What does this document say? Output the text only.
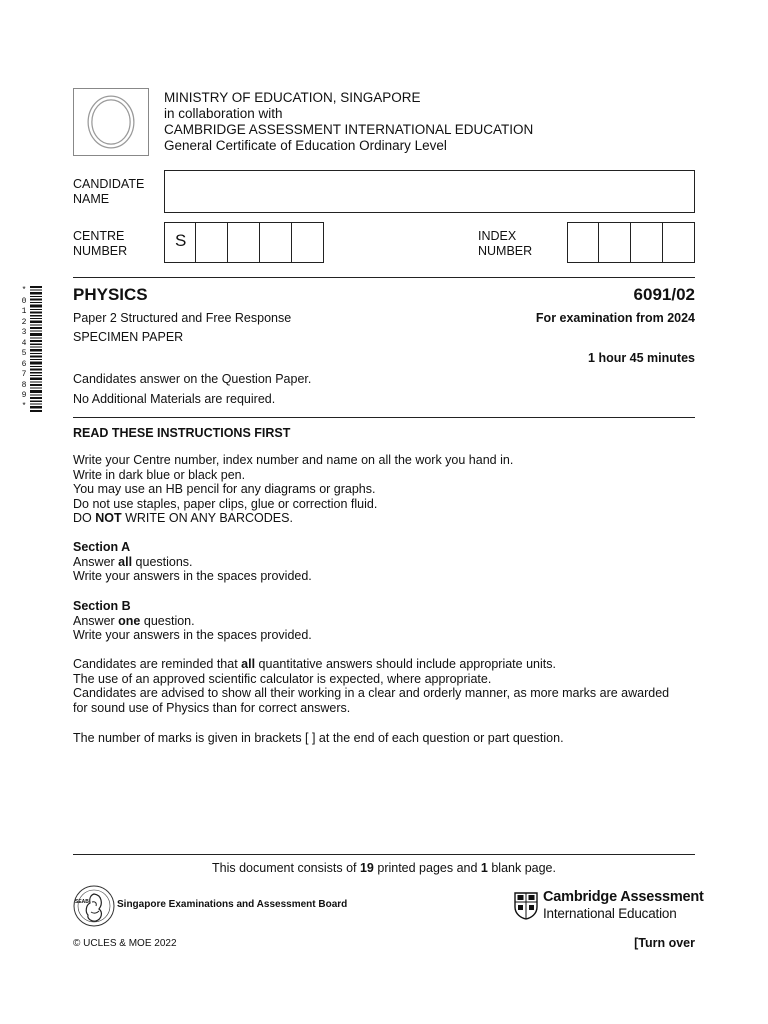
MINISTRY OF EDUCATION, SINGAPORE
in collaboration with
CAMBRIDGE ASSESSMENT INTERNATIONAL EDUCATION
General Certificate of Education Ordinary Level
CANDIDATE
NAME
CENTRE
NUMBER
S	INDEX
NUMBER
*0123456789*
PHYSICS	6091/02
Paper 2 Structured and Free Response	For examination from 2024
SPECIMEN PAPER
1 hour 45 minutes
Candidates answer on the Question Paper.
No Additional Materials are required.
READ THESE INSTRUCTIONS FIRST
Write your Centre number, index number and name on all the work you hand in.
Write in dark blue or black pen.
You may use an HB pencil for any diagrams or graphs.
Do not use staples, paper clips, glue or correction fluid.
DO NOT WRITE ON ANY BARCODES.
Section A
Answer all questions.
Write your answers in the spaces provided.
Section B
Answer one question.
Write your answers in the spaces provided.
Candidates are reminded that all quantitative answers should include appropriate units.
The use of an approved scientific calculator is expected, where appropriate.
Candidates are advised to show all their working in a clear and orderly manner, as more marks are awarded
for sound use of Physics than for correct answers.
The number of marks is given in brackets [ ] at the end of each question or part question.
This document consists of 19 printed pages and 1 blank page.
SEAB	Singapore Examinations and Assessment Board	Cambridge Assessment
International Education
© UCLES & MOE 2022	[Turn over
